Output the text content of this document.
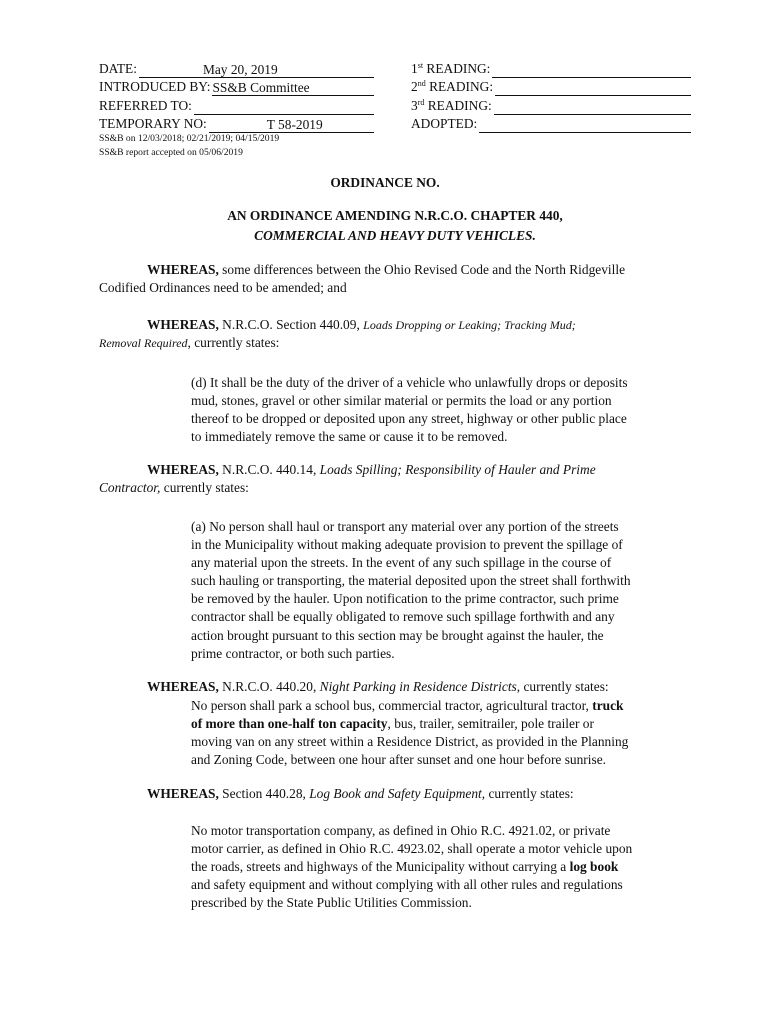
DATE:	May 20, 2019
INTRODUCED BY: SS&B Committee
REFERRED TO:
TEMPORARY NO:	T 58-2019
1st READING:
2nd READING:
3rd READING:
ADOPTED:
SS&B on 12/03/2018; 02/21/2019; 04/15/2019
SS&B report accepted on 05/06/2019
ORDINANCE NO.
AN ORDINANCE AMENDING N.R.C.O. CHAPTER 440,
COMMERCIAL AND HEAVY DUTY VEHICLES.
WHEREAS, some differences between the Ohio Revised Code and the North Ridgeville
Codified Ordinances need to be amended; and
WHEREAS, N.R.C.O. Section 440.09, Loads Dropping or Leaking; Tracking Mud;
Removal Required, currently states:
(d) It shall be the duty of the driver of a vehicle who unlawfully drops or deposits
mud, stones, gravel or other similar material or permits the load or any portion
thereof to be dropped or deposited upon any street, highway or other public place
to immediately remove the same or cause it to be removed.
WHEREAS, N.R.C.O. 440.14, Loads Spilling; Responsibility of Hauler and Prime
Contractor, currently states:
(a) No person shall haul or transport any material over any portion of the streets
in the Municipality without making adequate provision to prevent the spillage of
any material upon the streets. In the event of any such spillage in the course of
such hauling or transporting, the material deposited upon the street shall forthwith
be removed by the hauler. Upon notification to the prime contractor, such prime
contractor shall be equally obligated to remove such spillage forthwith and any
action brought pursuant to this section may be brought against the hauler, the
prime contractor, or both such parties.
WHEREAS, N.R.C.O. 440.20, Night Parking in Residence Districts, currently states:
No person shall park a school bus, commercial tractor, agricultural tractor, truck
of more than one-half ton capacity, bus, trailer, semitrailer, pole trailer or
moving van on any street within a Residence District, as provided in the Planning
and Zoning Code, between one hour after sunset and one hour before sunrise.
WHEREAS, Section 440.28, Log Book and Safety Equipment, currently states:
No motor transportation company, as defined in Ohio R.C. 4921.02, or private
motor carrier, as defined in Ohio R.C. 4923.02, shall operate a motor vehicle upon
the roads, streets and highways of the Municipality without carrying a log book
and safety equipment and without complying with all other rules and regulations
prescribed by the State Public Utilities Commission.
